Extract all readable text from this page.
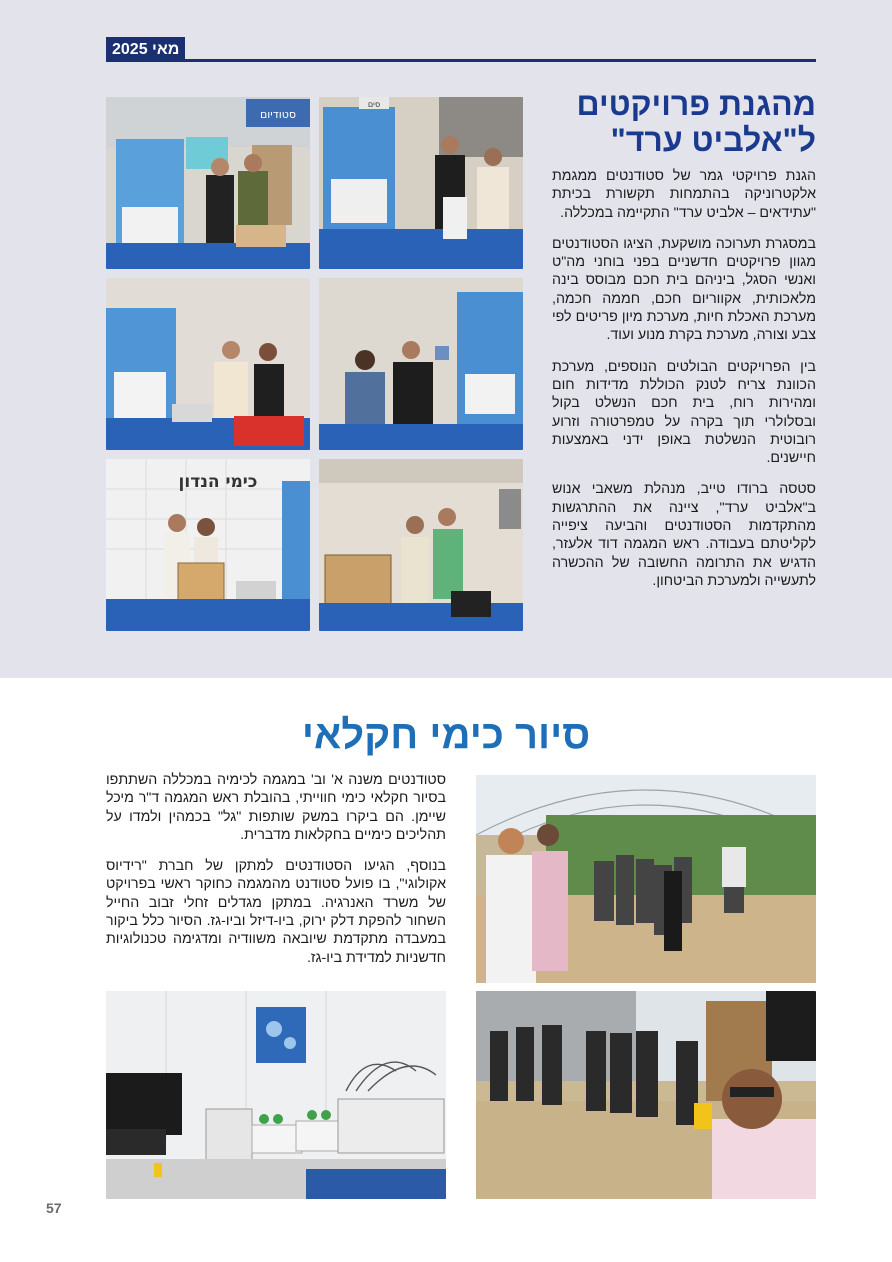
מאי 2025
מהגנת פרויקטים ל"אלביט ערד"

הגנת פרויקטי גמר של סטודנטים ממגמת אלקטרוניקה בהתמחות תקשורת בכיתת "עתידאים – אלביט ערד" התקיימה במכללה.

במסגרת תערוכה מושקעת, הציגו הסטודנטים מגוון פרויקטים חדשניים בפני בוחני מה"ט ואנשי הסגל, ביניהם בית חכם מבוסס בינה מלאכותית, אקווריום חכם, חממה חכמה, מערכת האכלת חיות, מערכת מיון פריטים לפי צבע וצורה, מערכת בקרת מנוע ועוד.

בין הפרויקטים הבולטים הנוספים, מערכת הכוונת צריח לטנק הכוללת מדידות חום ומהירות רוח, בית חכם הנשלט בקול ובסלולרי תוך בקרה על טמפרטורה וזרוע רובוטית הנשלטת באופן ידני באמצעות חיישנים.

סטסה ברודו טייב, מנהלת משאבי אנוש ב"אלביט ערד", ציינה את ההתרגשות מהתקדמות הסטודנטים והביעה ציפייה לקליטתם בעבודה. ראש המגמה דוד אלעזר, הדגיש את התרומה החשובה של ההכשרה לתעשייה ולמערכת הביטחון.

סטודיום
סים
כימי הנדון
סיור כימי חקלאי

סטודנטים משנה א' וב' במגמה לכימיה במכללה השתתפו בסיור חקלאי כימי חווייתי, בהובלת ראש המגמה ד"ר מיכל שיימן. הם ביקרו במשק שותפות "גל" בכמהין ולמדו על תהליכים כימיים בחקלאות מדברית.

בנוסף, הגיעו הסטודנטים למתקן של חברת "רידיוס אקולוגי", בו פועל סטודנט מהמגמה כחוקר ראשי בפרויקט של משרד האנרגיה. במתקן מגדלים זחלי זבוב החייל השחור להפקת דלק ירוק, ביו-דיזל וביו-גז. הסיור כלל ביקור במעבדה מתקדמת שיובאה משוודיה ומדגימה טכנולוגיות חדשניות למדידת ביו-גז.

57
